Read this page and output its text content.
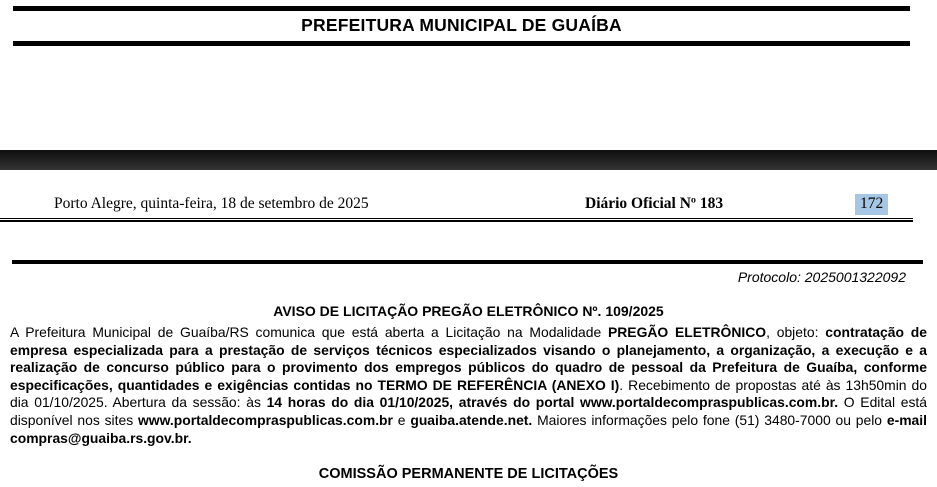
PREFEITURA MUNICIPAL DE GUAÍBA
Porto Alegre, quinta-feira, 18 de setembro de 2025	Diário Oficial Nº 183	172
Protocolo: 2025001322092
AVISO DE LICITAÇÃO PREGÃO ELETRÔNICO Nº. 109/2025
A Prefeitura Municipal de Guaíba/RS comunica que está aberta a Licitação na Modalidade PREGÃO ELETRÔNICO, objeto: contratação de empresa especializada para a prestação de serviços técnicos especializados visando o planejamento, a organização, a execução e a realização de concurso público para o provimento dos empregos públicos do quadro de pessoal da Prefeitura de Guaíba, conforme especificações, quantidades e exigências contidas no TERMO DE REFERÊNCIA (ANEXO I). Recebimento de propostas até às 13h50min do dia 01/10/2025. Abertura da sessão: às 14 horas do dia 01/10/2025, através do portal www.portaldecompraspublicas.com.br. O Edital está disponível nos sites www.portaldecompraspublicas.com.br e guaiba.atende.net. Maiores informações pelo fone (51) 3480-7000 ou pelo e-mail compras@guaiba.rs.gov.br.
COMISSÃO PERMANENTE DE LICITAÇÕES
